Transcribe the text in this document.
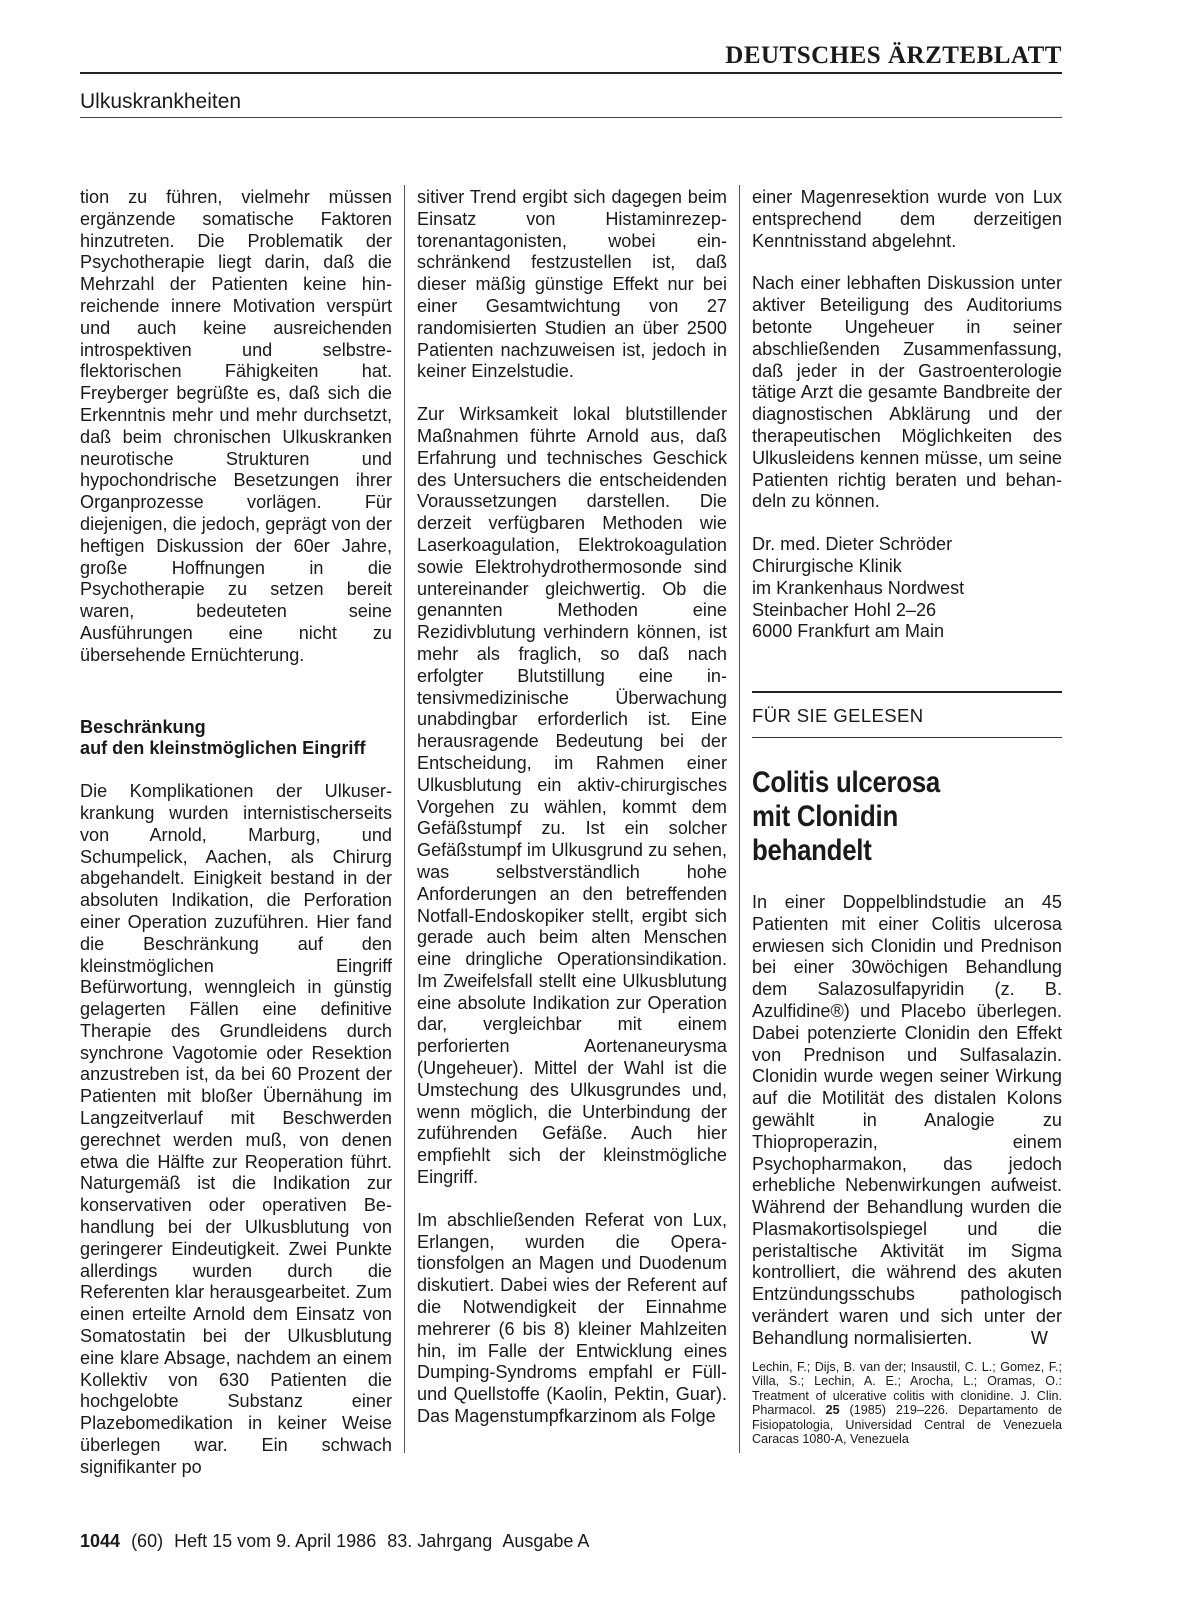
DEUTSCHES ÄRZTEBLATT
Ulkuskrankheiten

tion zu führen, vielmehr müssen ergänzende somatische Faktoren hinzutreten. Die Problematik der Psychotherapie liegt darin, daß die Mehrzahl der Patienten keine hinreichende innere Motivation verspürt und auch keine ausreichenden introspektiven und selbstreflektorischen Fähigkeiten hat. Freyberger begrüßte es, daß sich die Erkenntnis mehr und mehr durchsetzt, daß beim chronischen Ulkuskranken neurotische Strukturen und hypochondrische Besetzungen ihrer Organprozesse vorlägen. Für diejenigen, die jedoch, geprägt von der heftigen Diskussion der 60er Jahre, große Hoffnungen in die Psychotherapie zu setzen bereit waren, bedeuteten seine Ausführungen eine nicht zu übersehende Ernüchterung.

Beschränkung
auf den kleinstmöglichen Eingriff

Die Komplikationen der Ulkuserkrankung wurden internistischerseits von Arnold, Marburg, und Schumpelick, Aachen, als Chirurg abgehandelt. Einigkeit bestand in der absoluten Indikation, die Perforation einer Operation zuzuführen. Hier fand die Beschränkung auf den kleinstmöglichen Eingriff Befürwortung, wenngleich in günstig gelagerten Fällen eine definitive Therapie des Grundleidens durch synchrone Vagotomie oder Resektion anzustreben ist, da bei 60 Prozent der Patienten mit bloßer Übernähung im Langzeitverlauf mit Beschwerden gerechnet werden muß, von denen etwa die Hälfte zur Reoperation führt. Naturgemäß ist die Indikation zur konservativen oder operativen Behandlung bei der Ulkusblutung von geringerer Eindeutigkeit. Zwei Punkte allerdings wurden durch die Referenten klar herausgearbeitet. Zum einen erteilte Arnold dem Einsatz von Somatostatin bei der Ulkusblutung eine klare Absage, nachdem an einem Kollektiv von 630 Patienten die hochgelobte Substanz einer Plazebomedikation in keiner Weise überlegen war. Ein schwach signifikanter po

sitiver Trend ergibt sich dagegen beim Einsatz von Histaminrezeptorenantagonisten, wobei einschränkend festzustellen ist, daß dieser mäßig günstige Effekt nur bei einer Gesamtwichtung von 27 randomisierten Studien an über 2500 Patienten nachzuweisen ist, jedoch in keiner Einzelstudie.

Zur Wirksamkeit lokal blutstillender Maßnahmen führte Arnold aus, daß Erfahrung und technisches Geschick des Untersuchers die entscheidenden Voraussetzungen darstellen. Die derzeit verfügbaren Methoden wie Laserkoagulation, Elektrokoagulation sowie Elektrohydrothermosonde sind untereinander gleichwertig. Ob die genannten Methoden eine Rezidivblutung verhindern können, ist mehr als fraglich, so daß nach erfolgter Blutstillung eine intensivmedizinische Überwachung unabdingbar erforderlich ist. Eine herausragende Bedeutung bei der Entscheidung, im Rahmen einer Ulkusblutung ein aktiv-chirurgisches Vorgehen zu wählen, kommt dem Gefäßstumpf zu. Ist ein solcher Gefäßstumpf im Ulkusgrund zu sehen, was selbstverständlich hohe Anforderungen an den betreffenden Notfall-Endoskopiker stellt, ergibt sich gerade auch beim alten Menschen eine dringliche Operationsindikation. Im Zweifelsfall stellt eine Ulkusblutung eine absolute Indikation zur Operation dar, vergleichbar mit einem perforierten Aortenaneurysma (Ungeheuer). Mittel der Wahl ist die Umstechung des Ulkusgrundes und, wenn möglich, die Unterbindung der zuführenden Gefäße. Auch hier empfiehlt sich der kleinstmögliche Eingriff.

Im abschließenden Referat von Lux, Erlangen, wurden die Operationsfolgen an Magen und Duodenum diskutiert. Dabei wies der Referent auf die Notwendigkeit der Einnahme mehrerer (6 bis 8) kleiner Mahlzeiten hin, im Falle der Entwicklung eines Dumping-Syndroms empfahl er Füll- und Quellstoffe (Kaolin, Pektin, Guar). Das Magenstumpfkarzinom als Folge

einer Magenresektion wurde von Lux entsprechend dem derzeitigen Kenntnisstand abgelehnt.

Nach einer lebhaften Diskussion unter aktiver Beteiligung des Auditoriums betonte Ungeheuer in seiner abschließenden Zusammenfassung, daß jeder in der Gastroenterologie tätige Arzt die gesamte Bandbreite der diagnostischen Abklärung und der therapeutischen Möglichkeiten des Ulkusleidens kennen müsse, um seine Patienten richtig beraten und behandeln zu können.

Dr. med. Dieter Schröder
Chirurgische Klinik
im Krankenhaus Nordwest
Steinbacher Hohl 2–26
6000 Frankfurt am Main
FÜR SIE GELESEN
Colitis ulcerosa
mit Clonidin behandelt

In einer Doppelblindstudie an 45 Patienten mit einer Colitis ulcerosa erwiesen sich Clonidin und Prednison bei einer 30wöchigen Behandlung dem Salazosulfapyridin (z. B. Azulfidine®) und Placebo überlegen. Dabei potenzierte Clonidin den Effekt von Prednison und Sulfasalazin. Clonidin wurde wegen seiner Wirkung auf die Motilität des distalen Kolons gewählt in Analogie zu Thioproperazin, einem Psychopharmakon, das jedoch erhebliche Nebenwirkungen aufweist. Während der Behandlung wurden die Plasmakortisolspiegel und die peristaltische Aktivität im Sigma kontrolliert, die während des akuten Entzündungsschubs pathologisch verändert waren und sich unter der Behandlung normalisierten.	W

Lechin, F.; Dijs, B. van der; Insaustil, C. L.; Gomez, F.; Villa, S.; Lechin, A. E.; Arocha, L.; Oramas, O.: Treatment of ulcerative colitis with clonidine. J. Clin. Pharmacol. 25 (1985) 219–226. Departamento de Fisiopatologia, Universidad Central de Venezuela Caracas 1080-A, Venezuela
1044 (60) Heft 15 vom 9. April 1986 83. Jahrgang Ausgabe A
